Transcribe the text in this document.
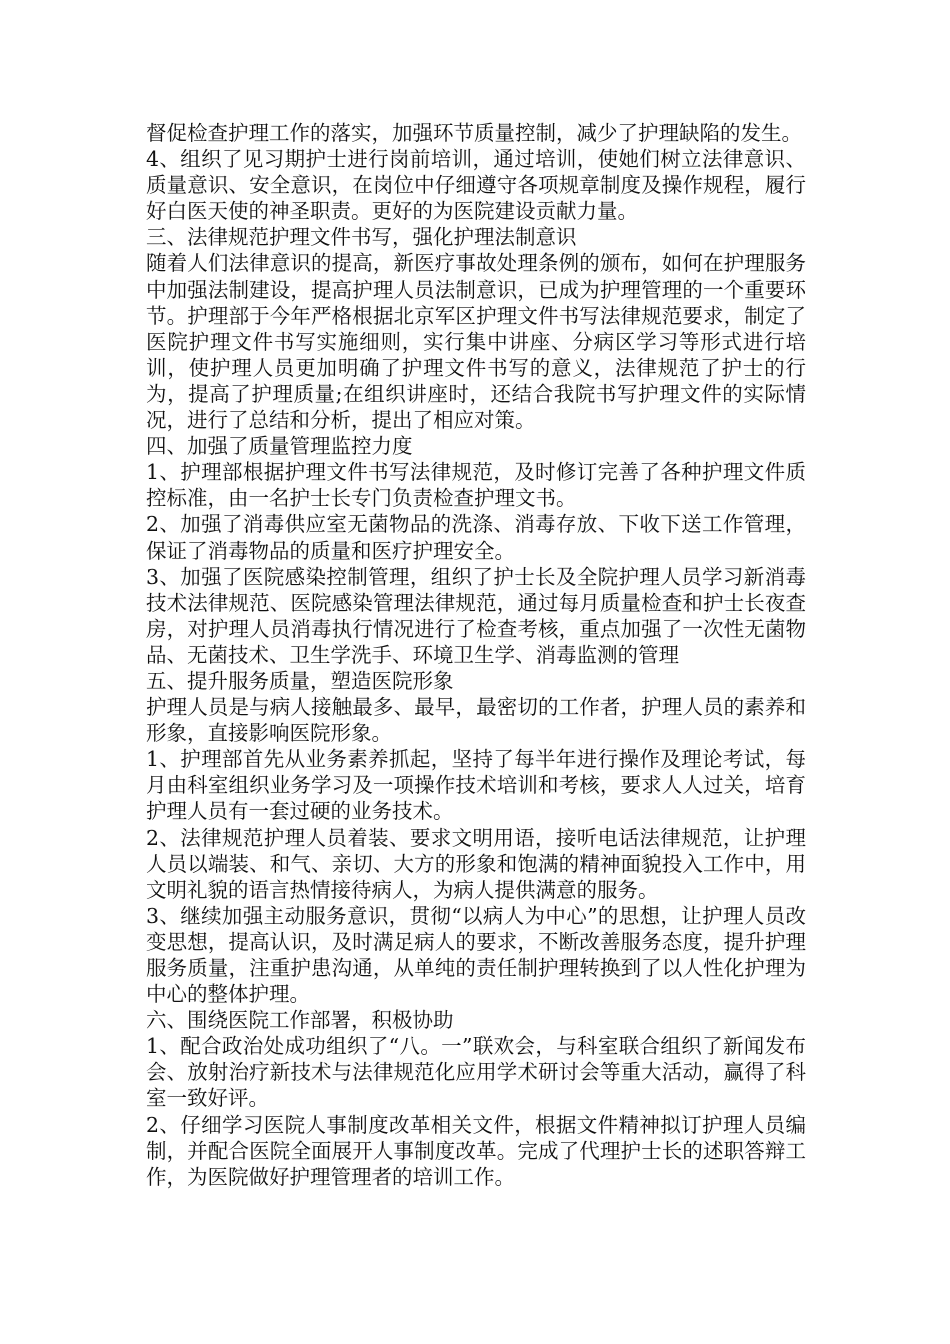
督促检查护理工作的落实，加强环节质量控制，减少了护理缺陷的发生。

4、组织了见习期护士进行岗前培训，通过培训，使她们树立法律意识、质量意识、安全意识，在岗位中仔细遵守各项规章制度及操作规程，履行好白医天使的神圣职责。更好的为医院建设贡献力量。

三、法律规范护理文件书写，强化护理法制意识

随着人们法律意识的提高，新医疗事故处理条例的颁布，如何在护理服务中加强法制建设，提高护理人员法制意识，已成为护理管理的一个重要环节。护理部于今年严格根据北京军区护理文件书写法律规范要求，制定了医院护理文件书写实施细则，实行集中讲座、分病区学习等形式进行培训，使护理人员更加明确了护理文件书写的意义，法律规范了护士的行为，提高了护理质量;在组织讲座时，还结合我院书写护理文件的实际情况，进行了总结和分析，提出了相应对策。

四、加强了质量管理监控力度

1、护理部根据护理文件书写法律规范，及时修订完善了各种护理文件质控标准，由一名护士长专门负责检查护理文书。

2、加强了消毒供应室无菌物品的洗涤、消毒存放、下收下送工作管理，保证了消毒物品的质量和医疗护理安全。

3、加强了医院感染控制管理，组织了护士长及全院护理人员学习新消毒技术法律规范、医院感染管理法律规范，通过每月质量检查和护士长夜查房，对护理人员消毒执行情况进行了检查考核，重点加强了一次性无菌物品、无菌技术、卫生学洗手、环境卫生学、消毒监测的管理

五、提升服务质量，塑造医院形象

护理人员是与病人接触最多、最早，最密切的工作者，护理人员的素养和形象，直接影响医院形象。

1、护理部首先从业务素养抓起，坚持了每半年进行操作及理论考试，每月由科室组织业务学习及一项操作技术培训和考核，要求人人过关，培育护理人员有一套过硬的业务技术。

2、法律规范护理人员着装、要求文明用语，接听电话法律规范，让护理人员以端装、和气、亲切、大方的形象和饱满的精神面貌投入工作中，用文明礼貌的语言热情接待病人，为病人提供满意的服务。

3、继续加强主动服务意识，贯彻“以病人为中心”的思想，让护理人员改变思想，提高认识，及时满足病人的要求，不断改善服务态度，提升护理服务质量，注重护患沟通，从单纯的责任制护理转换到了以人性化护理为中心的整体护理。

六、围绕医院工作部署，积极协助

1、配合政治处成功组织了“八。一”联欢会，与科室联合组织了新闻发布会、放射治疗新技术与法律规范化应用学术研讨会等重大活动，赢得了科室一致好评。

2、仔细学习医院人事制度改革相关文件，根据文件精神拟订护理人员编制，并配合医院全面展开人事制度改革。完成了代理护士长的述职答辩工作，为医院做好护理管理者的培训工作。
